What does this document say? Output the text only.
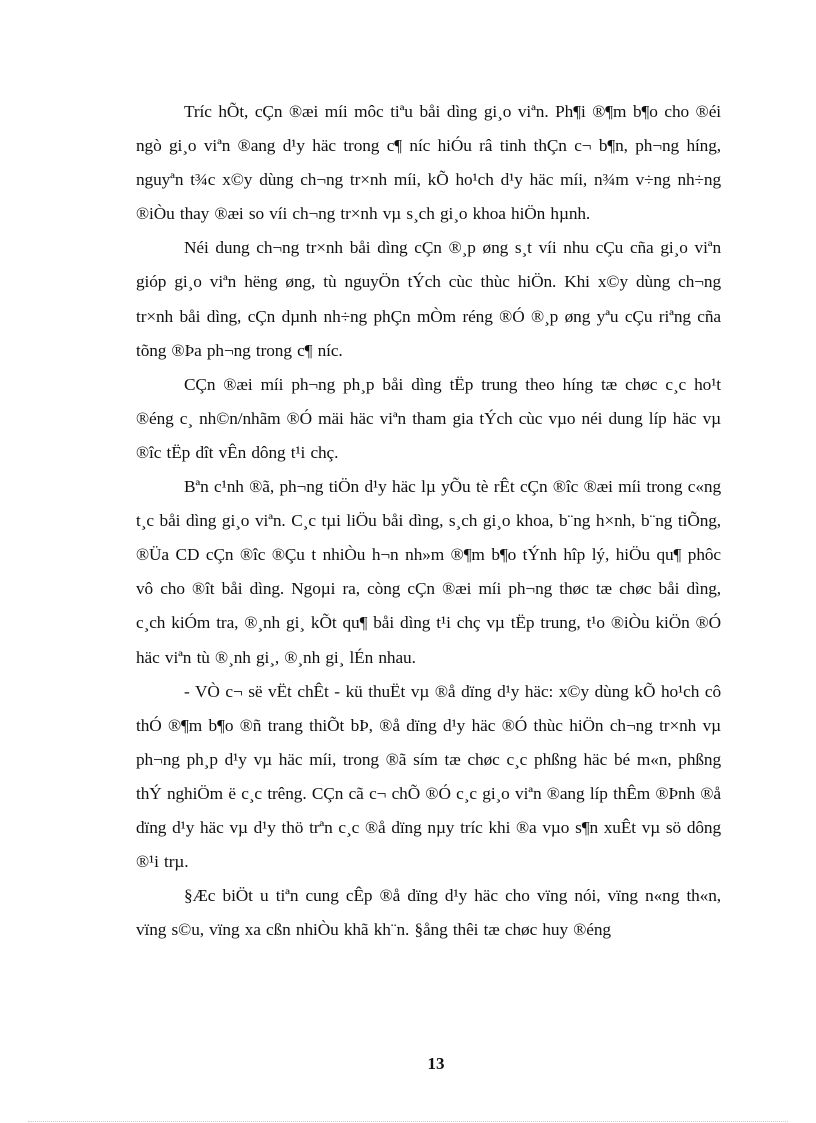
Tríc hÕt, cÇn ®æi míi môc tiªu båi dìng gi¸o viªn. Ph¶i ®¶m b¶o cho ®éi ngò gi¸o viªn ®ang d¹y häc trong c¶ níc hiÓu râ tinh thÇn c¬ b¶n, ph¬ng híng, nguyªn t¾c x©y dùng ch¬ng tr×nh míi, kÕ ho¹ch d¹y häc míi, n¾m v÷ng nh÷ng ®iÒu thay ®æi so víi ch¬ng tr×nh vµ s¸ch gi¸o khoa hiÖn hµnh.

Néi dung ch¬ng tr×nh båi dìng cÇn ®¸p øng s¸t víi nhu cÇu cña gi¸o viªn gióp gi¸o viªn hëng øng, tù nguyÖn tÝch cùc thùc hiÖn. Khi x©y dùng ch¬ng tr×nh båi dìng, cÇn dµnh nh÷ng phÇn mÒm réng ®Ó ®¸p øng yªu cÇu riªng cña tõng ®Þa ph¬ng trong c¶ níc.

CÇn ®æi míi ph¬ng ph¸p båi dìng tËp trung theo híng tæ chøc c¸c ho¹t ®éng c¸ nh©n/nhãm ®Ó mäi häc viªn tham gia tÝch cùc vµo néi dung líp häc vµ ®îc tËp dît vÊn dông t¹i chç.

Bªn c¹nh ®ã, ph¬ng tiÖn d¹y häc lµ yÕu tè rÊt cÇn ®îc ®æi míi trong c«ng t¸c båi dìng gi¸o viªn. C¸c tµi liÖu båi dìng, s¸ch gi¸o khoa, b¨ng h×nh, b¨ng tiÕng, ®Üa CD cÇn ®îc ®Çu t nhiÒu h¬n nh»m ®¶m b¶o tÝnh hîp lý, hiÖu qu¶ phôc vô cho ®ît båi dìng. Ngoµi ra, còng cÇn ®æi míi ph¬ng thøc tæ chøc båi dìng, c¸ch kiÓm tra, ®¸nh gi¸ kÕt qu¶ båi dìng t¹i chç vµ tËp trung, t¹o ®iÒu kiÖn ®Ó häc viªn tù ®¸nh gi¸, ®¸nh gi¸ lÉn nhau.

- VÒ c¬ së vËt chÊt - kü thuËt vµ ®å dïng d¹y häc: x©y dùng kÕ ho¹ch cô thÓ ®¶m b¶o ®ñ trang thiÕt bÞ, ®å dïng d¹y häc ®Ó thùc hiÖn ch¬ng tr×nh vµ ph¬ng ph¸p d¹y vµ häc míi, trong ®ã sím tæ chøc c¸c phßng häc bé m«n, phßng thÝ nghiÖm ë c¸c trêng. CÇn cã c¬ chÕ ®Ó c¸c gi¸o viªn ®ang líp thÊm ®Þnh ®å dïng d¹y häc vµ d¹y thö trªn c¸c ®å dïng nµy tríc khi ®a vµo s¶n xuÊt vµ sö dông ®¹i trµ.

§Æc biÖt u tiªn cung cÊp ®å dïng d¹y häc cho vïng nói, vïng n«ng th«n, vïng s©u, vïng xa cßn nhiÒu khã kh¨n. §ång thêi tæ chøc huy ®éng

13
